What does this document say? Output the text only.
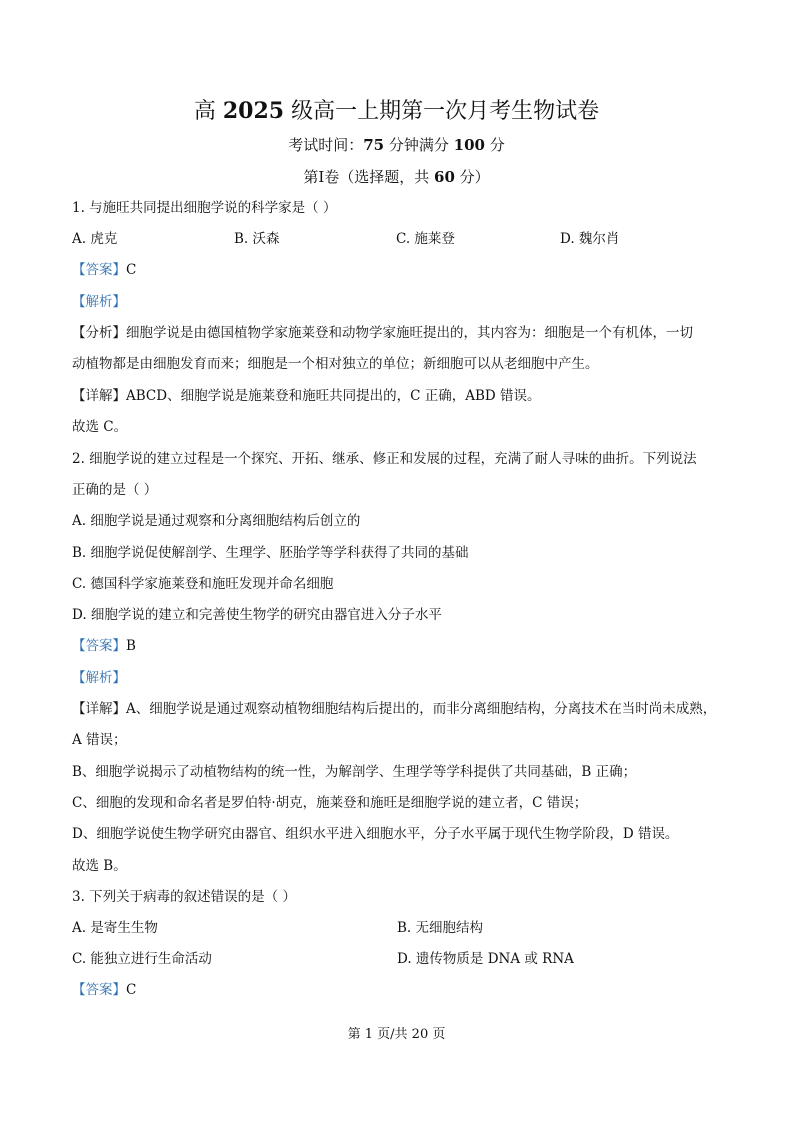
高 2025 级高一上期第一次月考生物试卷
考试时间：75 分钟满分 100 分
第Ⅰ卷（选择题，共 60 分）
1. 与施旺共同提出细胞学说的科学家是（ ）
A. 虎克	B. 沃森	C. 施莱登	D. 魏尔肖
【答案】C
【解析】
【分析】细胞学说是由德国植物学家施莱登和动物学家施旺提出的，其内容为：细胞是一个有机体，一切
动植物都是由细胞发育而来；细胞是一个相对独立的单位；新细胞可以从老细胞中产生。
【详解】ABCD、细胞学说是施莱登和施旺共同提出的，C 正确，ABD 错误。
故选 C。
2. 细胞学说的建立过程是一个探究、开拓、继承、修正和发展的过程，充满了耐人寻味的曲折。下列说法
正确的是（ ）
A. 细胞学说是通过观察和分离细胞结构后创立的
B. 细胞学说促使解剖学、生理学、胚胎学等学科获得了共同的基础
C. 德国科学家施莱登和施旺发现并命名细胞
D. 细胞学说的建立和完善使生物学的研究由器官进入分子水平
【答案】B
【解析】
【详解】A、细胞学说是通过观察动植物细胞结构后提出的，而非分离细胞结构，分离技术在当时尚未成熟，
A 错误；
B、细胞学说揭示了动植物结构的统一性，为解剖学、生理学等学科提供了共同基础，B 正确；
C、细胞的发现和命名者是罗伯特·胡克，施莱登和施旺是细胞学说的建立者，C 错误；
D、细胞学说使生物学研究由器官、组织水平进入细胞水平，分子水平属于现代生物学阶段，D 错误。
故选 B。
3. 下列关于病毒的叙述错误的是（ ）
A. 是寄生生物	B. 无细胞结构
C. 能独立进行生命活动	D. 遗传物质是 DNA 或 RNA
【答案】C
第 1 页/共 20 页
